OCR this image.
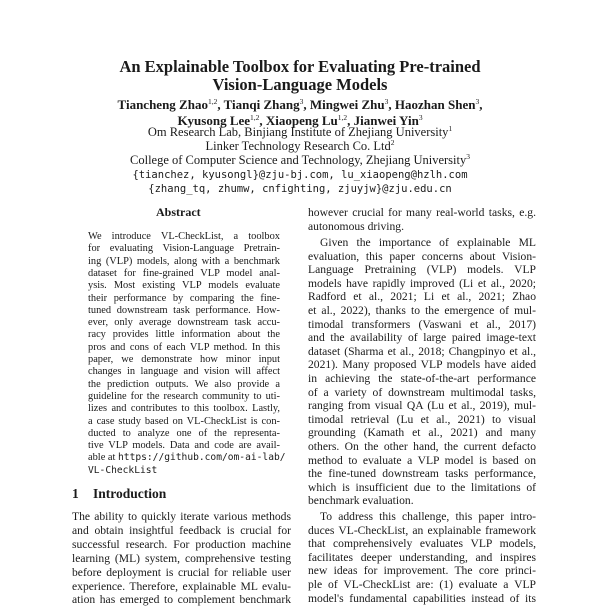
An Explainable Toolbox for Evaluating Pre-trained
Vision-Language Models
Tiancheng Zhao$^{1,2}$, Tianqi Zhang$^3$, Mingwei Zhu$^3$, Haozhan Shen$^3$,
Kyusong Lee$^{1,2}$, Xiaopeng Lu$^{1,2}$, Jianwei Yin$^3$
Om Research Lab, Binjiang Institute of Zhejiang University$^1$
Linker Technology Research Co. Ltd$^2$
College of Computer Science and Technology, Zhejiang University$^3$
{tianchez, kyusongl}@zju-bj.com, lu_xiaopeng@hzlh.com
{zhang_tq, zhumw, cnfighting, zjuyjw}@zju.edu.cn
Abstract
We introduce VL-CheckList, a toolbox
for evaluating Vision-Language Pretrain-
ing (VLP) models, along with a benchmark
dataset for fine-grained VLP model anal-
ysis. Most existing VLP models evaluate
their performance by comparing the fine-
tuned downstream task performance. How-
ever, only average downstream task accu-
racy provides little information about the
pros and cons of each VLP method. In this
paper, we demonstrate how minor input
changes in language and vision will affect
the prediction outputs. We also provide a
guideline for the research community to uti-
lizes and contributes to this toolbox. Lastly,
a case study based on VL-CheckList is con-
ducted to analyze one of the representa-
tive VLP models. Data and code are avail-
able at https://github.com/om-ai-lab/
VL-CheckList
1 Introduction
The ability to quickly iterate various methods
and obtain insightful feedback is crucial for
successful research. For production machine
learning (ML) system, comprehensive testing
before deployment is crucial for reliable user
experience. Therefore, explainable ML evalu-
ation has emerged to complement benchmark
however crucial for many real-world tasks, e.g.
autonomous driving.
Given the importance of explainable ML
evaluation, this paper concerns about Vision-
Language Pretraining (VLP) models. VLP
models have rapidly improved (Li et al., 2020;
Radford et al., 2021; Li et al., 2021; Zhao
et al., 2022), thanks to the emergence of mul-
timodal transformers (Vaswani et al., 2017)
and the availability of large paired image-text
dataset (Sharma et al., 2018; Changpinyo et al.,
2021). Many proposed VLP models have aided
in achieving the state-of-the-art performance
of a variety of downstream multimodal tasks,
ranging from visual QA (Lu et al., 2019), mul-
timodal retrieval (Lu et al., 2021) to visual
grounding (Kamath et al., 2021) and many
others. On the other hand, the current defacto
method to evaluate a VLP model is based on
the fine-tuned downstream tasks performance,
which is insufficient due to the limitations of
benchmark evaluation.
To address this challenge, this paper intro-
duces VL-CheckList, an explainable framework
that comprehensively evaluates VLP models,
facilitates deeper understanding, and inspires
new ideas for improvement. The core princi-
ple of VL-CheckList are: (1) evaluate a VLP
model's fundamental capabilities instead of its
